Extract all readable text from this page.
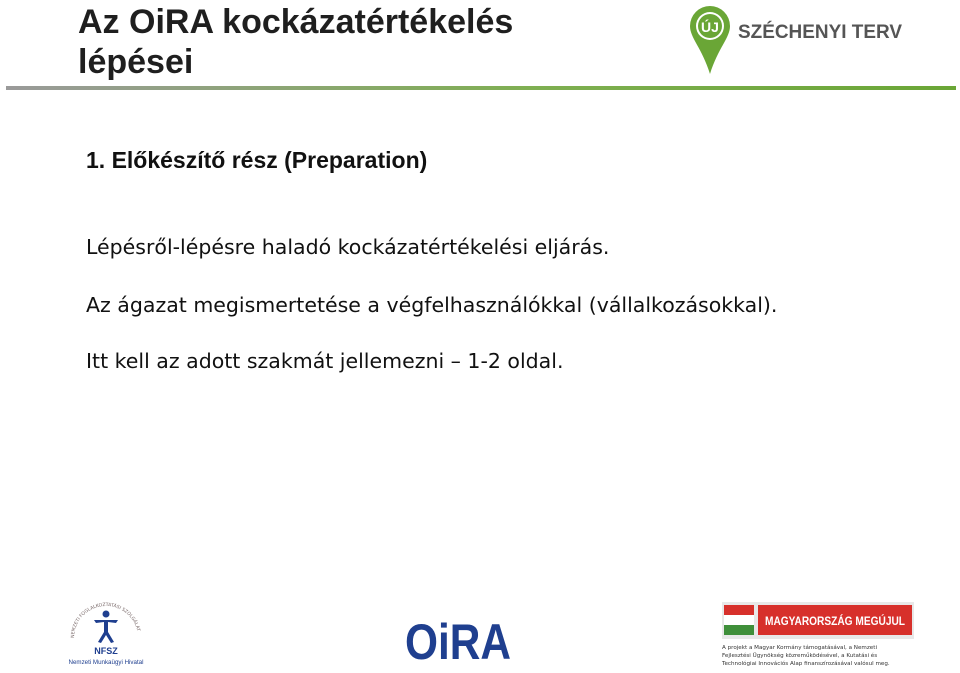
Az OiRA kockázatértékelés
lépései
ÚJ SZÉCHENYI TERV
1. Előkészítő rész (Preparation)
Lépésről-lépésre haladó kockázatértékelési eljárás.
Az ágazat megismertetése a végfelhasználókkal (vállalkozásokkal).
Itt kell az adott szakmát jellemezni – 1-2 oldal.
NEMZETI FOGLALKOZTATÁSI SZOLGÁLAT
NFSZ
Nemzeti Munkaügyi Hivatal	OiRA	MAGYARORSZÁG MEGÚJUL
A projekt a Magyar Kormány támogatásával, a Nemzeti
Fejlesztési Ügynökség közreműködésével, a Kutatási és
Technológiai Innovációs Alap finanszírozásával valósul meg.
